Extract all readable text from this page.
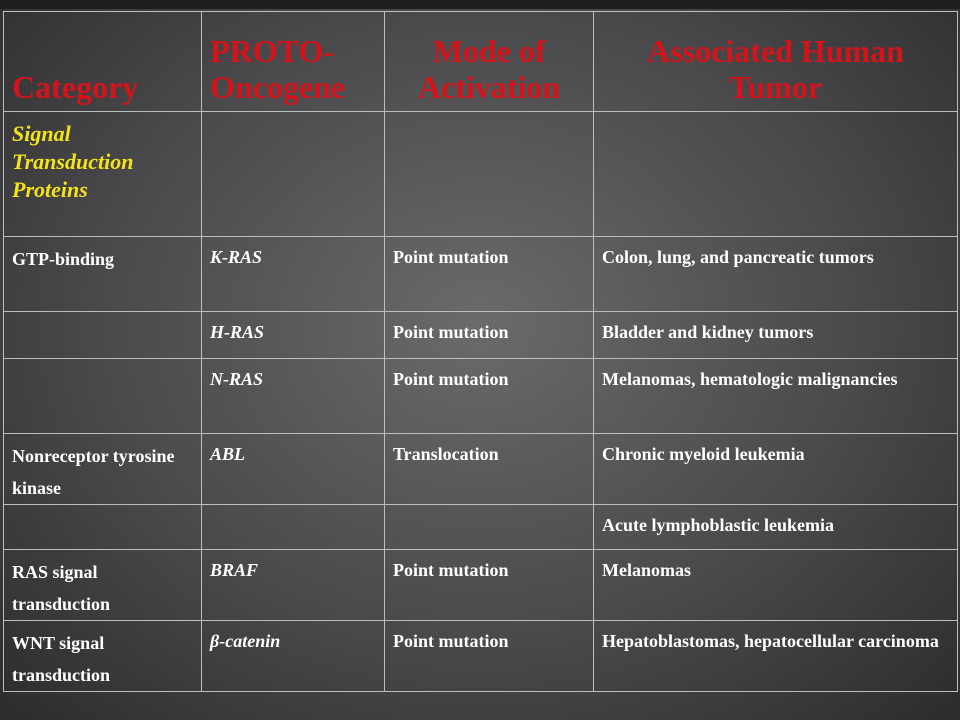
Category	PROTO-Oncogene	Mode of Activation	Associated Human Tumor
Signal Transduction Proteins			
GTP-binding	K-RAS	Point mutation	Colon, lung, and pancreatic tumors
	H-RAS	Point mutation	Bladder and kidney tumors
	N-RAS	Point mutation	Melanomas, hematologic malignancies
Nonreceptor tyrosine kinase	ABL	Translocation	Chronic myeloid leukemia
			Acute lymphoblastic leukemia
RAS signal transduction	BRAF	Point mutation	Melanomas
WNT signal transduction	β-catenin	Point mutation	Hepatoblastomas, hepatocellular carcinoma
